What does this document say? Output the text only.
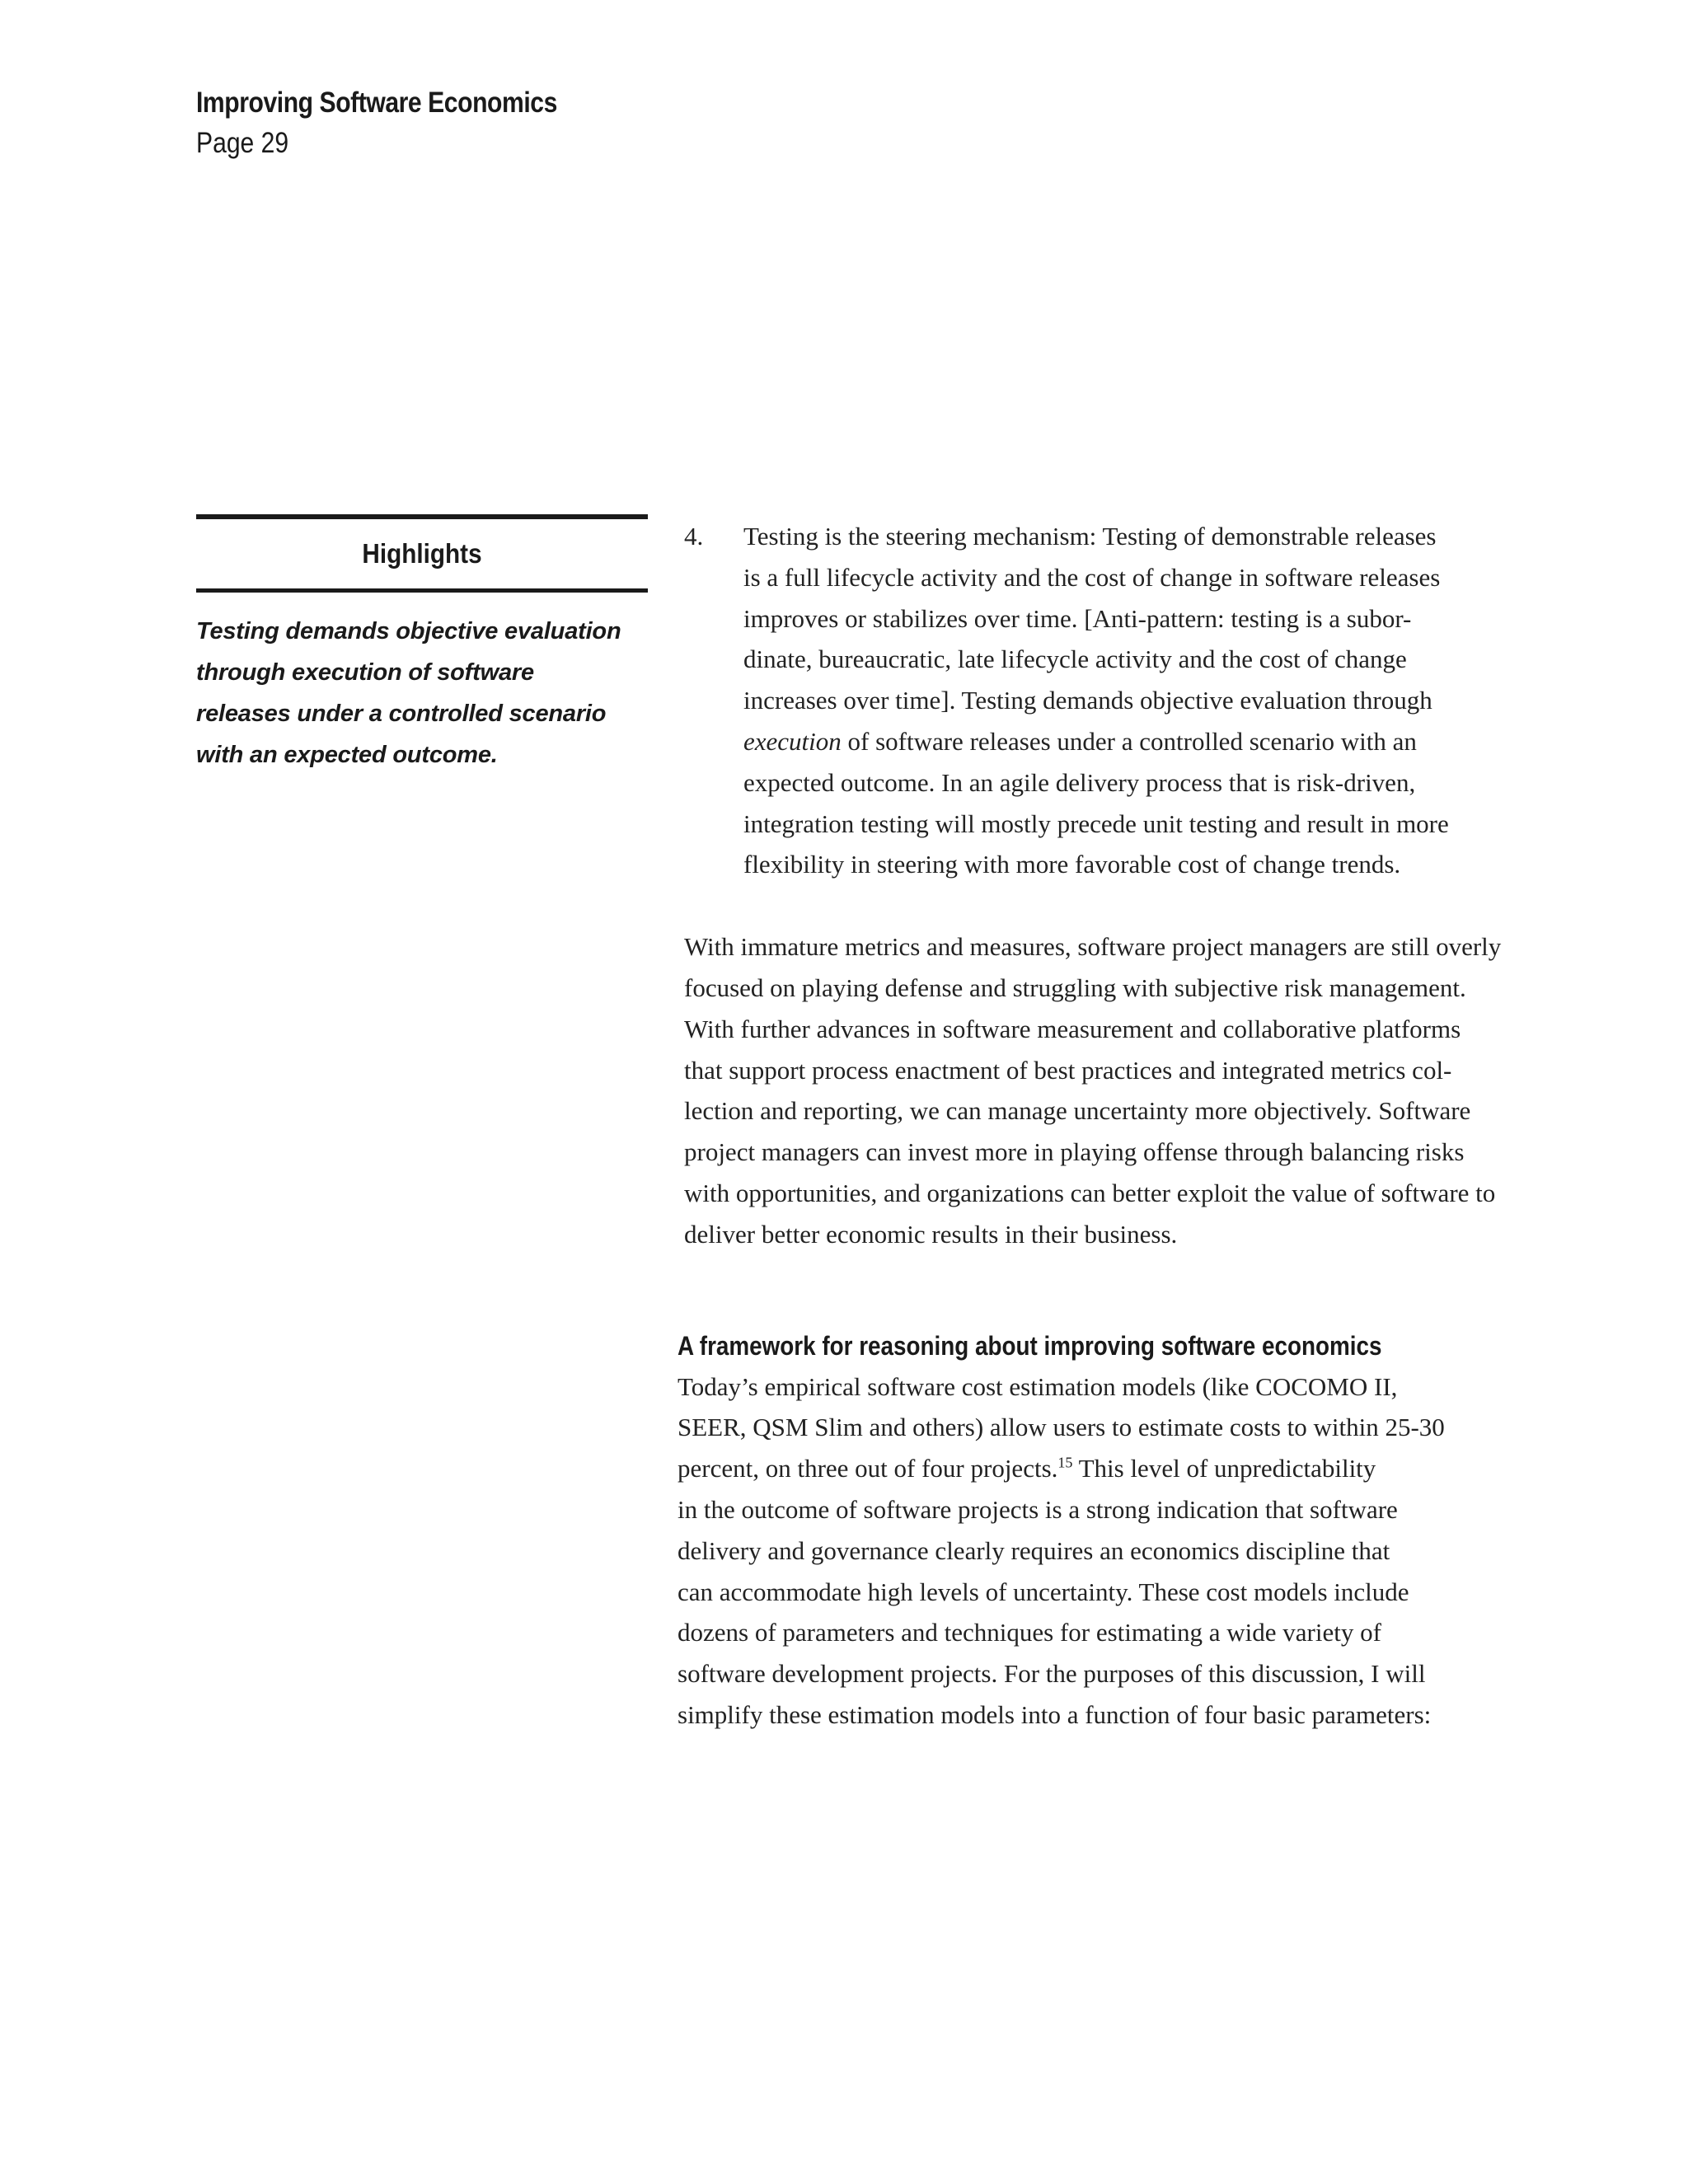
Improving Software Economics
Page 29
Highlights
Testing demands objective evaluation
through execution of software
releases under a controlled scenario
with an expected outcome.
4. Testing is the steering mechanism: Testing of demonstrable releases
is a full lifecycle activity and the cost of change in software releases
improves or stabilizes over time. [Anti-pattern: testing is a subor-
dinate, bureaucratic, late lifecycle activity and the cost of change
increases over time]. Testing demands objective evaluation through
execution of software releases under a controlled scenario with an
expected outcome. In an agile delivery process that is risk-driven,
integration testing will mostly precede unit testing and result in more
flexibility in steering with more favorable cost of change trends.
With immature metrics and measures, software project managers are still overly
focused on playing defense and struggling with subjective risk management.
With further advances in software measurement and collaborative platforms
that support process enactment of best practices and integrated metrics col-
lection and reporting, we can manage uncertainty more objectively. Software
project managers can invest more in playing offense through balancing risks
with opportunities, and organizations can better exploit the value of software to
deliver better economic results in their business.
A framework for reasoning about improving software economics
Today’s empirical software cost estimation models (like COCOMO II,
SEER, QSM Slim and others) allow users to estimate costs to within 25-30
percent, on three out of four projects.$^{15}$ This level of unpredictability
in the outcome of software projects is a strong indication that software
delivery and governance clearly requires an economics discipline that
can accommodate high levels of uncertainty. These cost models include
dozens of parameters and techniques for estimating a wide variety of
software development projects. For the purposes of this discussion, I will
simplify these estimation models into a function of four basic parameters:
